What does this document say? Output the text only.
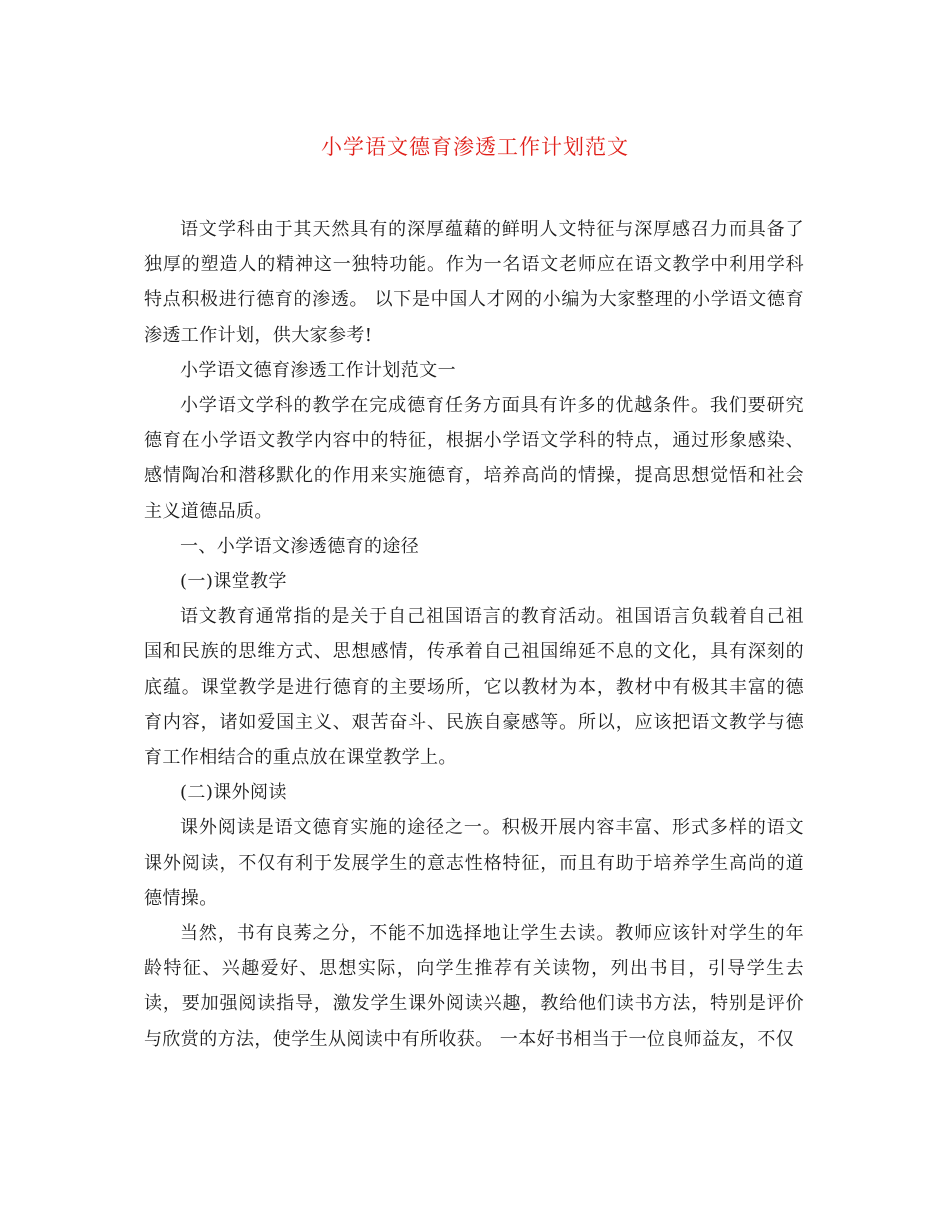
小学语文德育渗透工作计划范文

语文学科由于其天然具有的深厚蕴藉的鲜明人文特征与深厚感召力而具备了独厚的塑造人的精神这一独特功能。作为一名语文老师应在语文教学中利用学科特点积极进行德育的渗透。 以下是中国人才网的小编为大家整理的小学语文德育渗透工作计划，供大家参考!

小学语文德育渗透工作计划范文一

小学语文学科的教学在完成德育任务方面具有许多的优越条件。我们要研究德育在小学语文教学内容中的特征，根据小学语文学科的特点，通过形象感染、感情陶冶和潜移默化的作用来实施德育，培养高尚的情操，提高思想觉悟和社会主义道德品质。

一、小学语文渗透德育的途径

(一)课堂教学

语文教育通常指的是关于自己祖国语言的教育活动。祖国语言负载着自己祖国和民族的思维方式、思想感情，传承着自己祖国绵延不息的文化，具有深刻的底蕴。课堂教学是进行德育的主要场所，它以教材为本，教材中有极其丰富的德育内容，诸如爱国主义、艰苦奋斗、民族自豪感等。所以，应该把语文教学与德育工作相结合的重点放在课堂教学上。

(二)课外阅读

课外阅读是语文德育实施的途径之一。积极开展内容丰富、形式多样的语文课外阅读，不仅有利于发展学生的意志性格特征，而且有助于培养学生高尚的道德情操。

当然，书有良莠之分，不能不加选择地让学生去读。教师应该针对学生的年龄特征、兴趣爱好、思想实际，向学生推荐有关读物，列出书目，引导学生去读，要加强阅读指导，激发学生课外阅读兴趣，教给他们读书方法，特别是评价与欣赏的方法，使学生从阅读中有所收获。 一本好书相当于一位良师益友，不仅
